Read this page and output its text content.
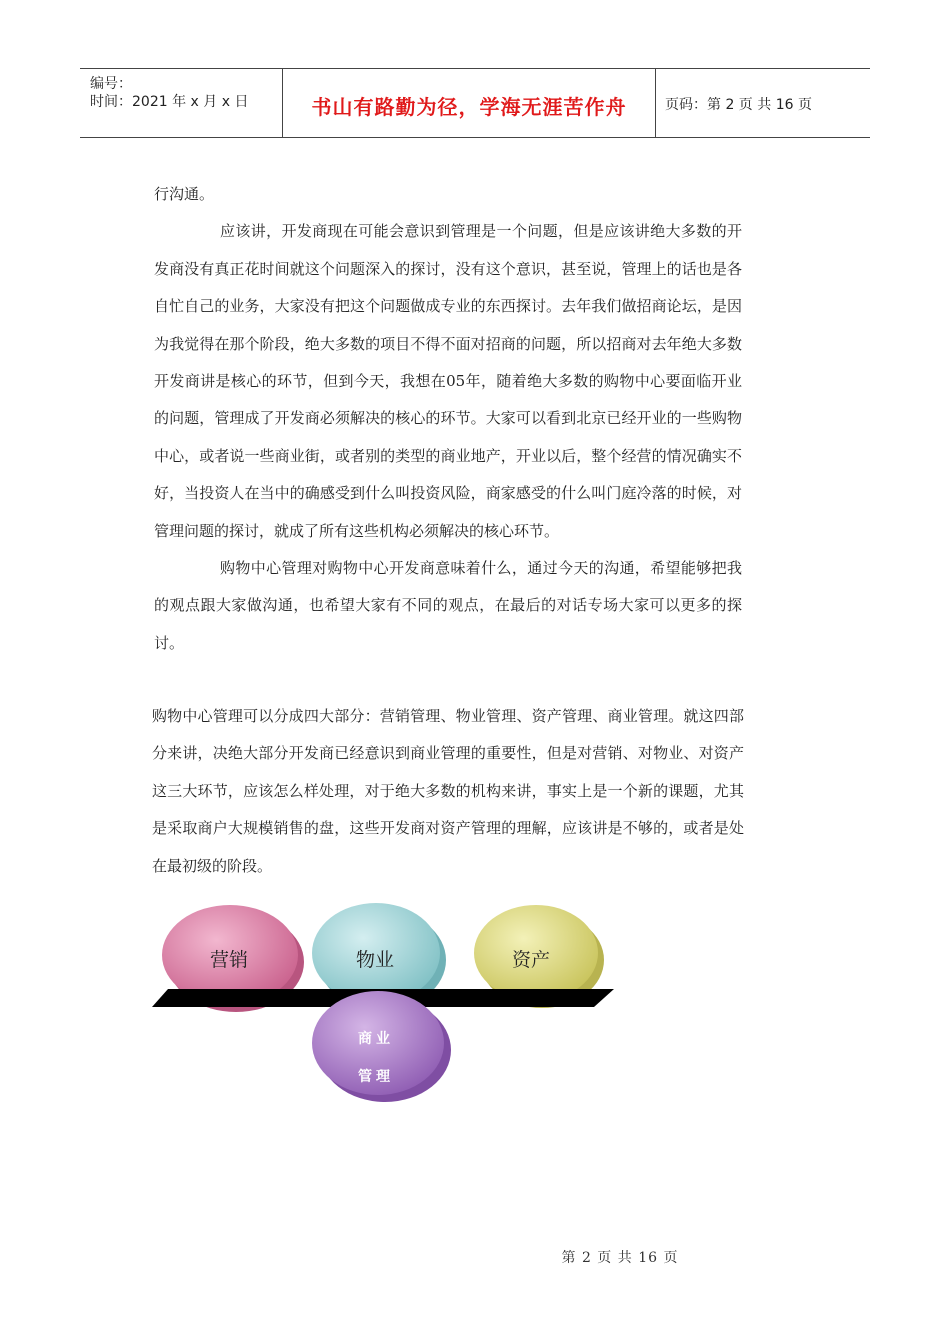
编号：
时间：2021 年 x 月 x 日	书山有路勤为径，学海无涯苦作舟	页码：第 2 页 共 16 页

行沟通。

应该讲，开发商现在可能会意识到管理是一个问题，但是应该讲绝大多数的开发商没有真正花时间就这个问题深入的探讨，没有这个意识，甚至说，管理上的话也是各自忙自己的业务，大家没有把这个问题做成专业的东西探讨。去年我们做招商论坛，是因为我觉得在那个阶段，绝大多数的项目不得不面对招商的问题，所以招商对去年绝大多数开发商讲是核心的环节，但到今天，我想在05年，随着绝大多数的购物中心要面临开业的问题，管理成了开发商必须解决的核心的环节。大家可以看到北京已经开业的一些购物中心，或者说一些商业街，或者别的类型的商业地产，开业以后，整个经营的情况确实不好，当投资人在当中的确感受到什么叫投资风险，商家感受的什么叫门庭冷落的时候，对管理问题的探讨，就成了所有这些机构必须解决的核心环节。

购物中心管理对购物中心开发商意味着什么，通过今天的沟通，希望能够把我的观点跟大家做沟通，也希望大家有不同的观点，在最后的对话专场大家可以更多的探讨。

购物中心管理可以分成四大部分：营销管理、物业管理、资产管理、商业管理。就这四部分来讲，决绝大部分开发商已经意识到商业管理的重要性，但是对营销、对物业、对资产这三大环节，应该怎么样处理，对于绝大多数的机构来讲，事实上是一个新的课题，尤其是采取商户大规模销售的盘，这些开发商对资产管理的理解，应该讲是不够的，或者是处在最初级的阶段。

营销	物业	资产
商业
管理
第 2 页 共 16 页
